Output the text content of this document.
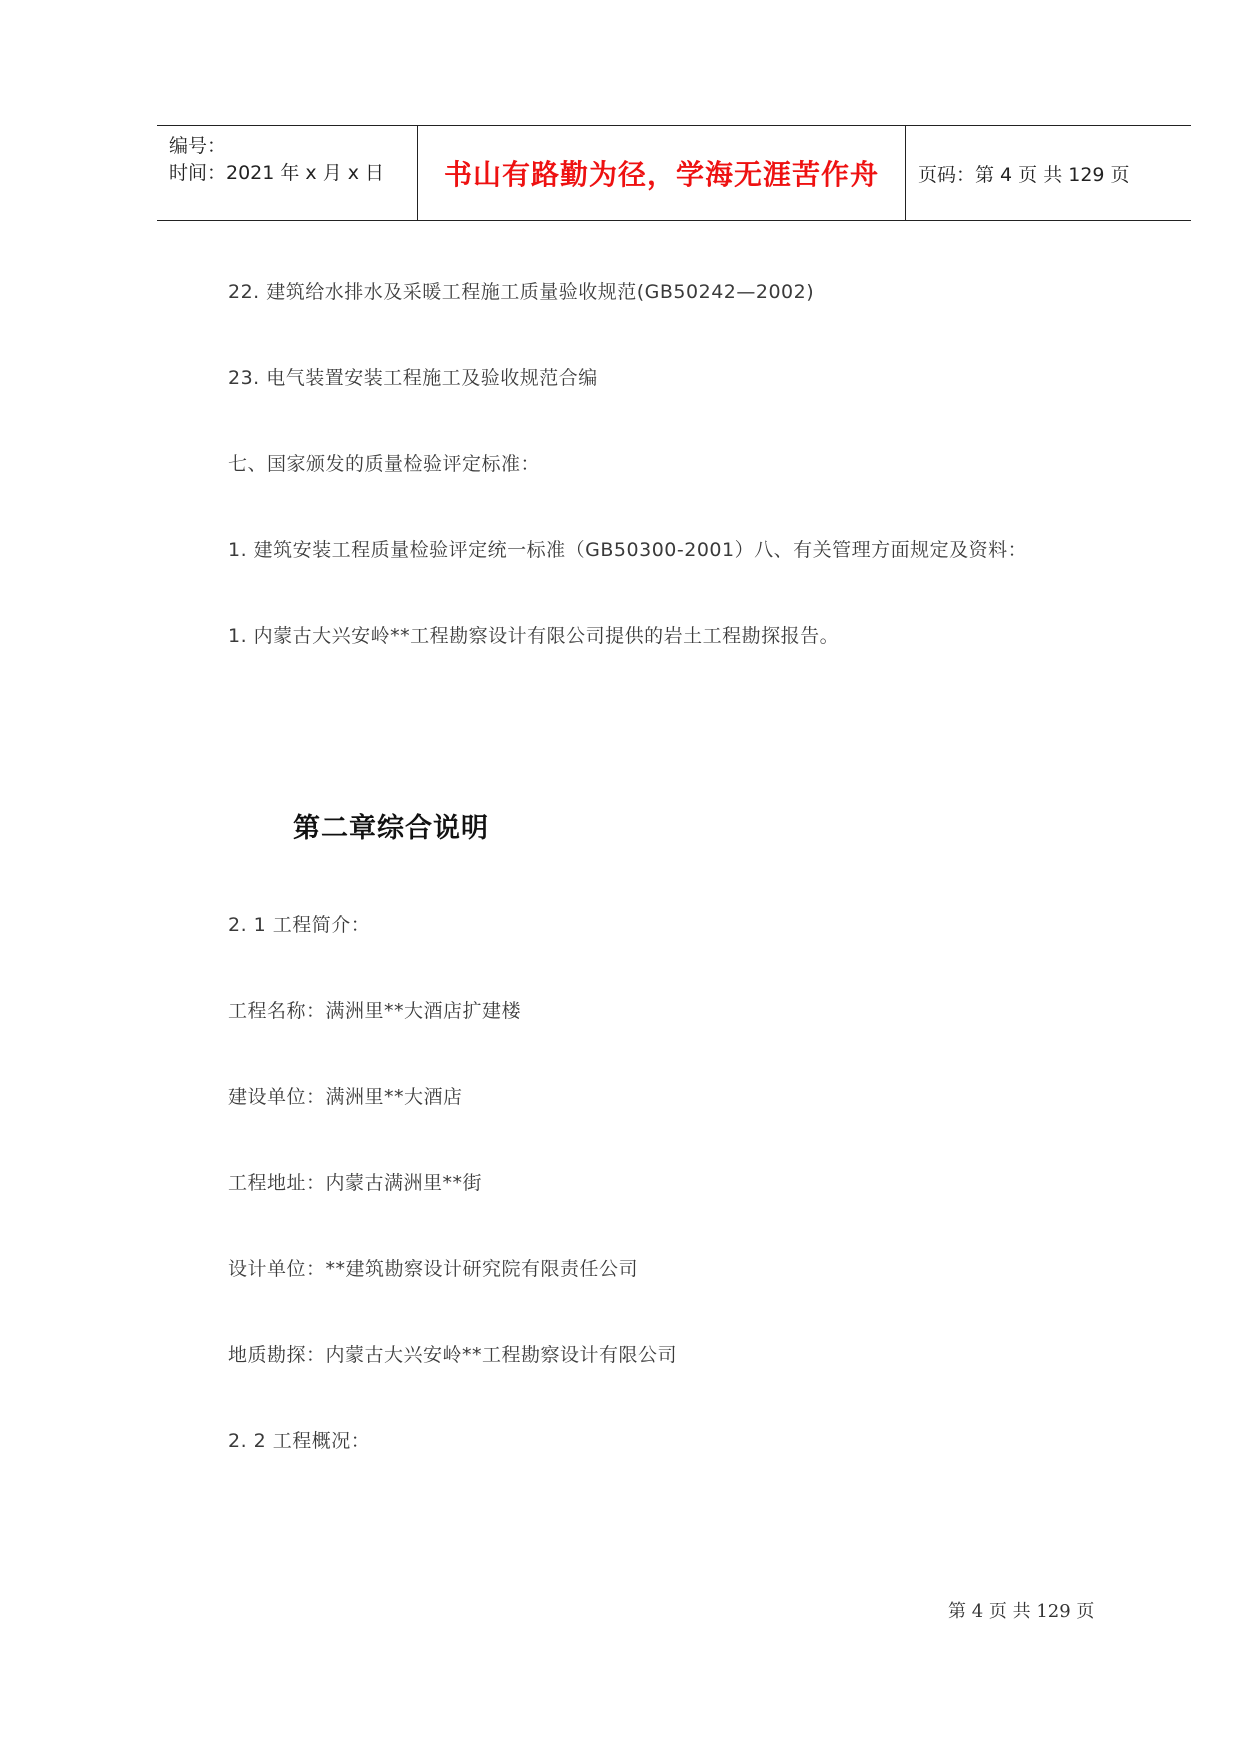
编号：
时间：2021 年 x 月 x 日 书山有路勤为径，学海无涯苦作舟 页码：第 4 页 共 129 页
22. 建筑给水排水及采暖工程施工质量验收规范(GB50242—2002)
23. 电气装置安装工程施工及验收规范合编
七、国家颁发的质量检验评定标准：
1. 建筑安装工程质量检验评定统一标准（GB50300-2001）八、有关管理方面规定及资料：
1. 内蒙古大兴安岭**工程勘察设计有限公司提供的岩土工程勘探报告。
第二章综合说明
2. 1 工程简介：
工程名称：满洲里**大酒店扩建楼
建设单位：满洲里**大酒店
工程地址：内蒙古满洲里**街
设计单位：**建筑勘察设计研究院有限责任公司
地质勘探：内蒙古大兴安岭**工程勘察设计有限公司
2. 2 工程概况：
第 4 页 共 129 页
